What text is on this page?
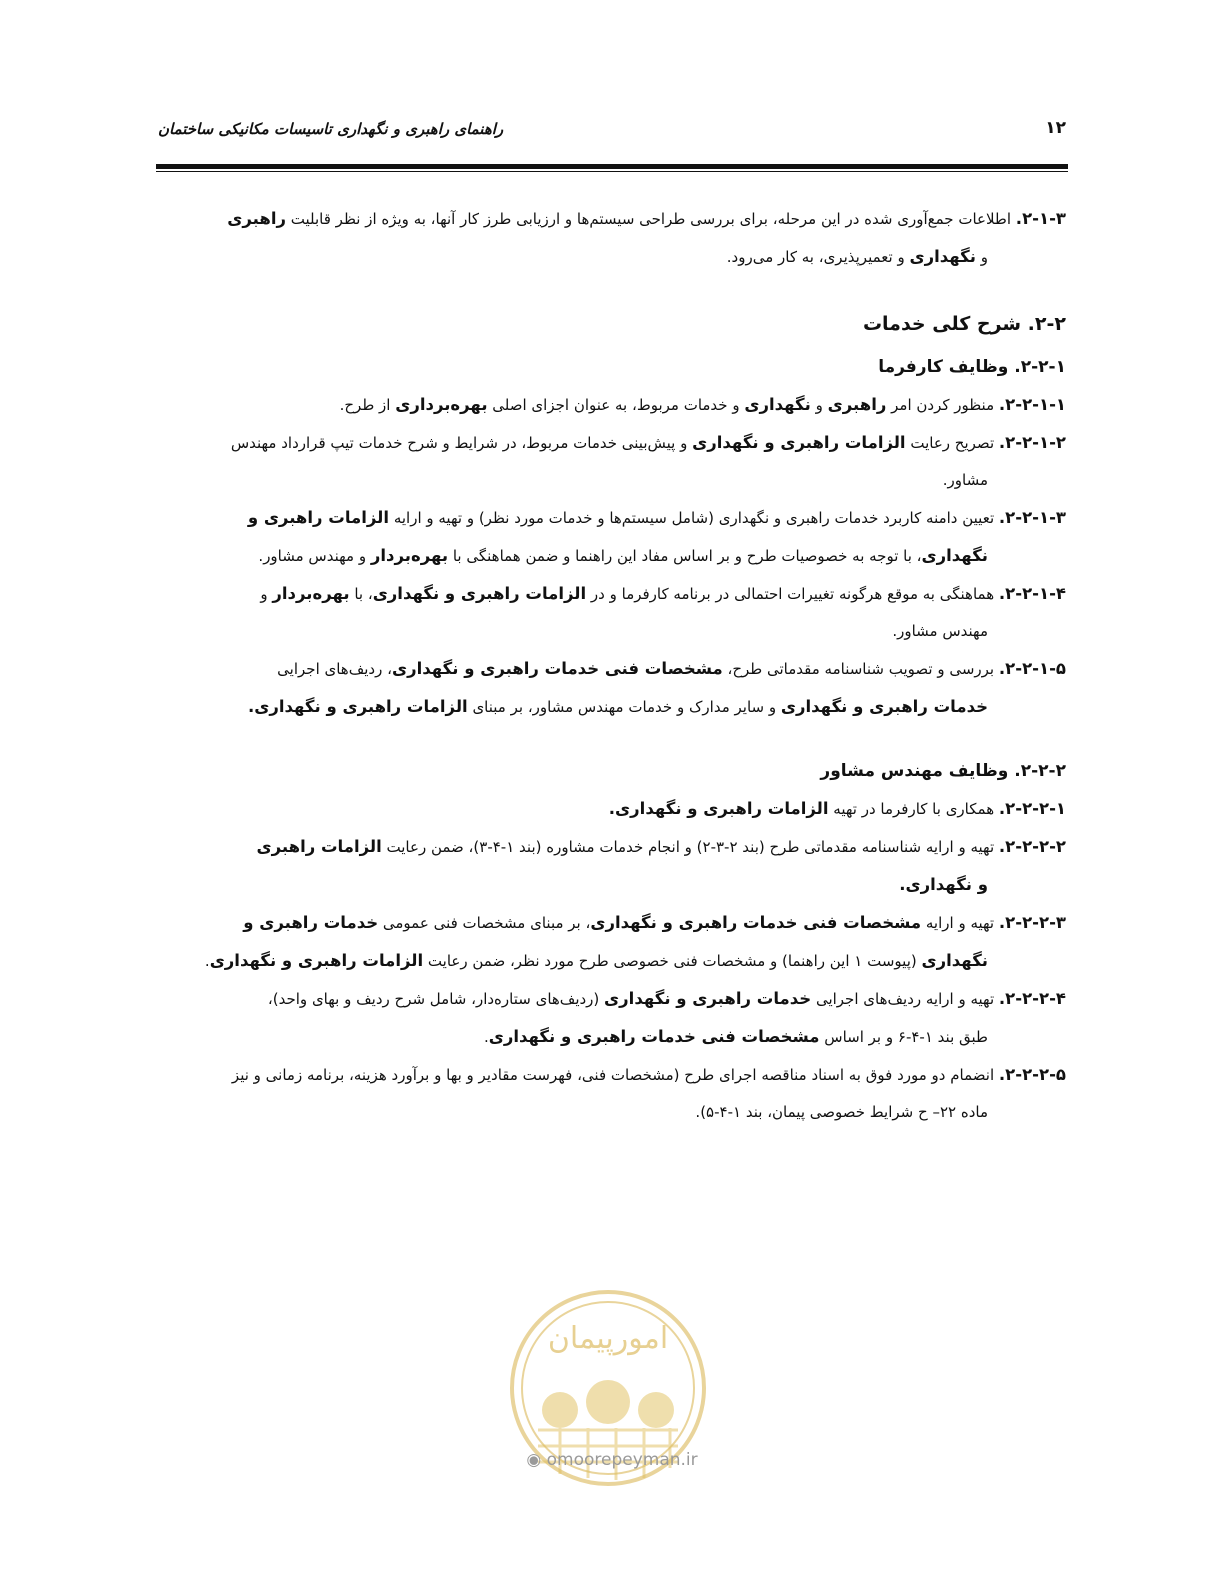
۱۲
راهنمای راهبری و نگهداری تاسیسات مکانیکی ساختمان

۲-۱-۳. اطلاعات جمع‌آوری شده در این مرحله، برای بررسی طراحی سیستم‌ها و ارزیابی طرز کار آنها، به ویژه از نظر قابلیت راهبری

و نگهداری و تعمیرپذیری، به کار می‌رود.

۲-۲. شرح کلی خدمات

۲-۲-۱. وظایف کارفرما

۲-۲-۱-۱. منظور کردن امر راهبری و نگهداری و خدمات مربوط، به عنوان اجزای اصلی بهره‌برداری از طرح.

۲-۲-۱-۲. تصریح رعایت الزامات راهبری و نگهداری و پیش‌بینی خدمات مربوط، در شرایط و شرح خدمات تیپ قرارداد مهندس

مشاور.

۲-۲-۱-۳. تعیین دامنه کاربرد خدمات راهبری و نگهداری (شامل سیستم‌ها و خدمات مورد نظر) و تهیه و ارایه الزامات راهبری و

نگهداری، با توجه به خصوصیات طرح و بر اساس مفاد این راهنما و ضمن هماهنگی با بهره‌بردار و مهندس مشاور.

۲-۲-۱-۴. هماهنگی به موقع هرگونه تغییرات احتمالی در برنامه کارفرما و در الزامات راهبری و نگهداری، با بهره‌بردار و

مهندس مشاور.

۲-۲-۱-۵. بررسی و تصویب شناسنامه مقدماتی طرح، مشخصات فنی خدمات راهبری و نگهداری، ردیف‌های اجرایی

خدمات راهبری و نگهداری و سایر مدارک و خدمات مهندس مشاور، بر مبنای الزامات راهبری و نگهداری.

۲-۲-۲. وظایف مهندس مشاور

۲-۲-۲-۱. همکاری با کارفرما در تهیه الزامات راهبری و نگهداری.

۲-۲-۲-۲. تهیه و ارایه شناسنامه مقدماتی طرح (بند ۲-۳-۲) و انجام خدمات مشاوره (بند ۱-۴-۳)، ضمن رعایت الزامات راهبری

و نگهداری.

۲-۲-۲-۳. تهیه و ارایه مشخصات فنی خدمات راهبری و نگهداری، بر مبنای مشخصات فنی عمومی خدمات راهبری و

نگهداری (پیوست ۱ این راهنما) و مشخصات فنی خصوصی طرح مورد نظر، ضمن رعایت الزامات راهبری و نگهداری.

۲-۲-۲-۴. تهیه و ارایه ردیف‌های اجرایی خدمات راهبری و نگهداری (ردیف‌های ستاره‌دار، شامل شرح ردیف و بهای واحد)،

طبق بند ۱-۴-۶ و بر اساس مشخصات فنی خدمات راهبری و نگهداری.

۲-۲-۲-۵. انضمام دو مورد فوق به اسناد مناقصه اجرای طرح (مشخصات فنی، فهرست مقادیر و بها و برآورد هزینه، برنامه زمانی و نیز

ماده ۲۲– ح شرایط خصوصی پیمان، بند ۱-۴-۵).

امورپیمان
◉ omoorepeyman.ir
